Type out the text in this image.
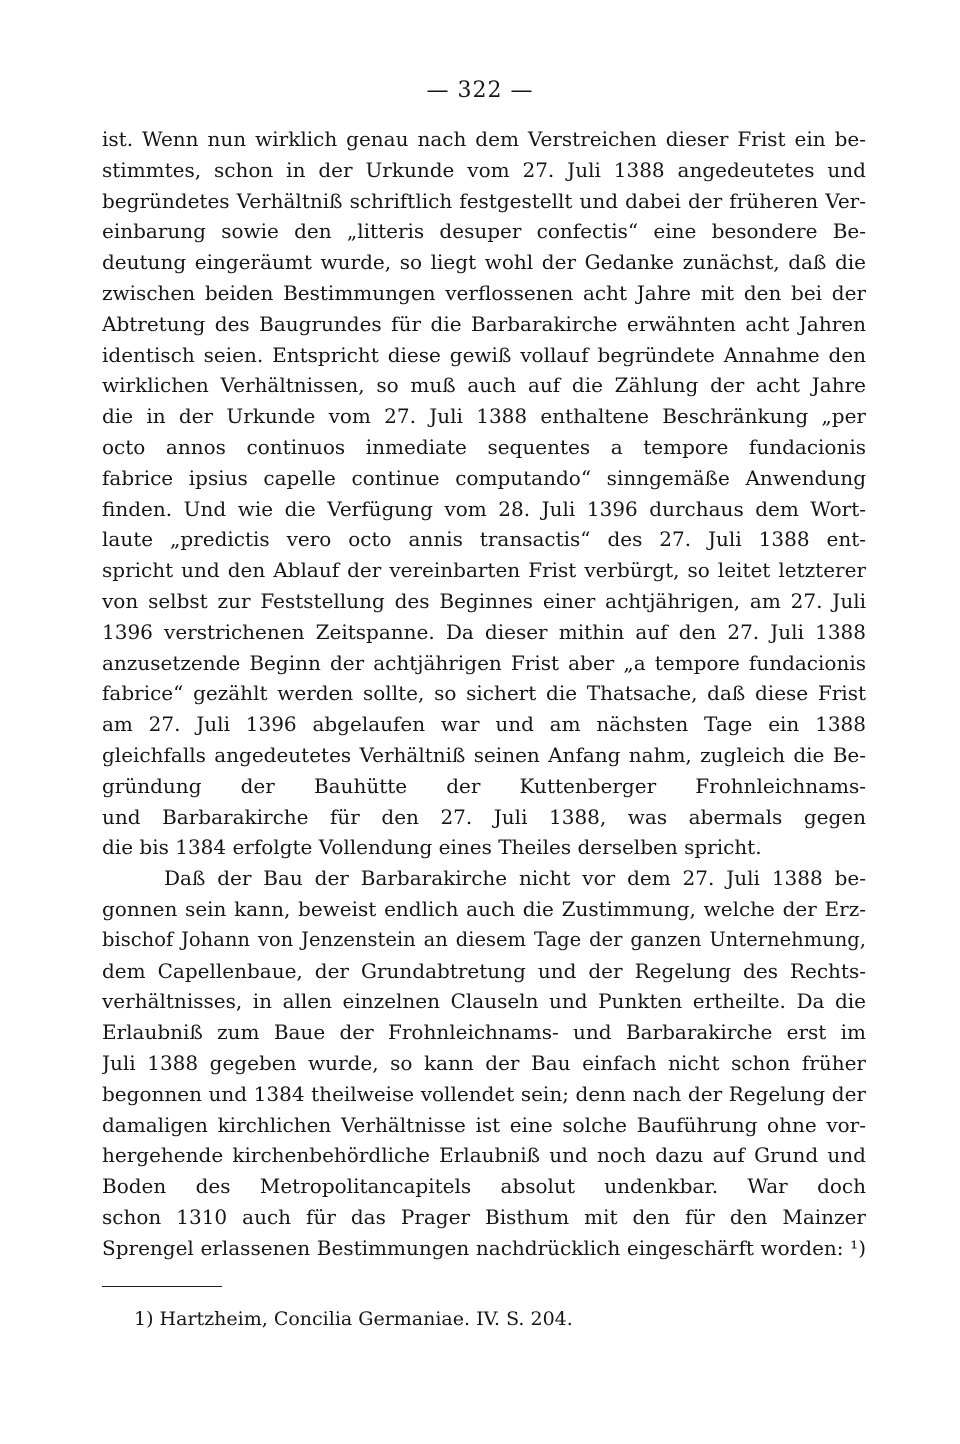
— 322 —
ist. Wenn nun wirklich genau nach dem Verstreichen dieser Frist ein be-
stimmtes, schon in der Urkunde vom 27. Juli 1388 angedeutetes und
begründetes Verhältniß schriftlich festgestellt und dabei der früheren Ver-
einbarung sowie den „litteris desuper confectis“ eine besondere Be-
deutung eingeräumt wurde, so liegt wohl der Gedanke zunächst, daß die
zwischen beiden Bestimmungen verflossenen acht Jahre mit den bei der
Abtretung des Baugrundes für die Barbarakirche erwähnten acht Jahren
identisch seien. Entspricht diese gewiß vollauf begründete Annahme den
wirklichen Verhältnissen, so muß auch auf die Zählung der acht Jahre
die in der Urkunde vom 27. Juli 1388 enthaltene Beschränkung „per
octo annos continuos inmediate sequentes a tempore fundacionis
fabrice ipsius capelle continue computando“ sinngemäße Anwendung
finden. Und wie die Verfügung vom 28. Juli 1396 durchaus dem Wort-
laute „predictis vero octo annis transactis“ des 27. Juli 1388 ent-
spricht und den Ablauf der vereinbarten Frist verbürgt, so leitet letzterer
von selbst zur Feststellung des Beginnes einer achtjährigen, am 27. Juli
1396 verstrichenen Zeitspanne. Da dieser mithin auf den 27. Juli 1388
anzusetzende Beginn der achtjährigen Frist aber „a tempore fundacionis
fabrice“ gezählt werden sollte, so sichert die Thatsache, daß diese Frist
am 27. Juli 1396 abgelaufen war und am nächsten Tage ein 1388
gleichfalls angedeutetes Verhältniß seinen Anfang nahm, zugleich die Be-
gründung der Bauhütte der Kuttenberger Frohnleichnams-
und Barbarakirche für den 27. Juli 1388, was abermals gegen
die bis 1384 erfolgte Vollendung eines Theiles derselben spricht.
Daß der Bau der Barbarakirche nicht vor dem 27. Juli 1388 be-
gonnen sein kann, beweist endlich auch die Zustimmung, welche der Erz-
bischof Johann von Jenzenstein an diesem Tage der ganzen Unternehmung,
dem Capellenbaue, der Grundabtretung und der Regelung des Rechts-
verhältnisses, in allen einzelnen Clauseln und Punkten ertheilte. Da die
Erlaubniß zum Baue der Frohnleichnams- und Barbarakirche erst im
Juli 1388 gegeben wurde, so kann der Bau einfach nicht schon früher
begonnen und 1384 theilweise vollendet sein; denn nach der Regelung der
damaligen kirchlichen Verhältnisse ist eine solche Bauführung ohne vor-
hergehende kirchenbehördliche Erlaubniß und noch dazu auf Grund und
Boden des Metropolitancapitels absolut undenkbar. War doch
schon 1310 auch für das Prager Bisthum mit den für den Mainzer
Sprengel erlassenen Bestimmungen nachdrücklich eingeschärft worden: ¹)
1) Hartzheim, Concilia Germaniae. IV. S. 204.
